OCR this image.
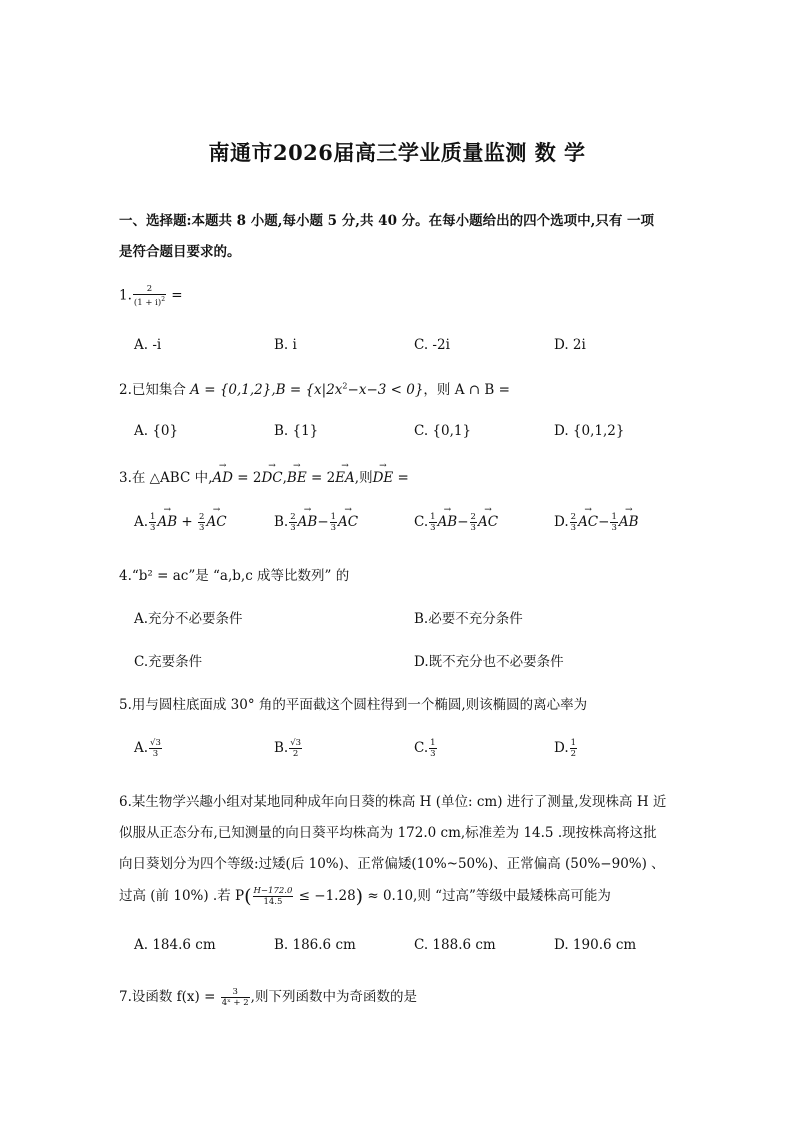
南通市2026届高三学业质量监测 数 学
一、选择题:本题共 8 小题,每小题 5 分,共 40 分。在每小题给出的四个选项中,只有 一项
是符合题目要求的。
1. $\frac{2}{(1 + i)^2}$ =
A. -i	B. i	C. -2i	D. 2i
2.已知集合 $A = \{0,1,2\},B = \{x|2x^2-x-3 < 0\}$，则 A ∩ B =
A. {0}	B. {1}	C. {0,1}	D. {0,1,2}
3.在 △ABC 中,→ AD = 2→ DC,→ BE = 2→ EA,则→ DE =
A. $\frac{1}{3}$
→ AB + $\frac{2}{3}$
→ AC	B. $\frac{2}{3}$
→ $AB- \frac{1}{3}$
→ AC	C. $\frac{1}{3}$
→ $AB- \frac{2}{3}$
→ AC	D. $\frac{2}{3}$
→ $AC- \frac{1}{3}$
→ AB
4.“b² = ac”是 “a,b,c 成等比数列” 的
A.充分不必要条件	B.必要不充分条件
C.充要条件	D.既不充分也不必要条件
5.用与圆柱底面成 30° 角的平面截这个圆柱得到一个椭圆,则该椭圆的离心率为
A. $\frac{√3}{3}$	B. $\frac{√3}{2}$	C. $\frac{1}{3}$	D. $\frac{1}{2}$
6.某生物学兴趣小组对某地同种成年向日葵的株高 H (单位: cm) 进行了测量,发现株高 H 近
似服从正态分布,已知测量的向日葵平均株高为 172.0 cm,标准差为 14.5 .现按株高将这批
向日葵划分为四个等级:过矮(后 10%)、正常偏矮(10%~50%)、正常偏高 (50%−90%) 、
过高 (前 10%) .若 $P( \frac{H-172.0}{14.5} \le -1.28) \approx 0.10$,则 “过高”等级中最矮株高可能为
A. 184.6 cm	B. 186.6 cm	C. 188.6 cm	D. 190.6 cm
7.设函数 $f(x) = \frac{3}{\text{4ˣ + 2}}$ ,则下列函数中为奇函数的是
